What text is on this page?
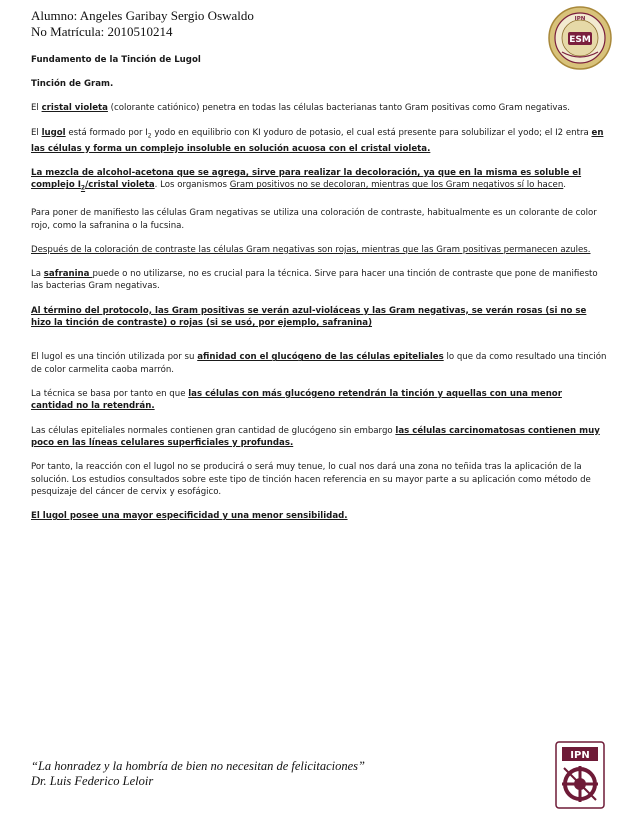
Alumno: Angeles Garibay Sergio Oswaldo
No Matrícula: 2010510214
ESM
IPN

Fundamento de la Tinción de Lugol

Tinción de Gram.

El cristal violeta (colorante catiónico) penetra en todas las células bacterianas tanto Gram positivas como Gram negativas.

El lugol está formado por $I_2$ yodo en equilibrio con KI yoduro de potasio, el cual está presente para solubilizar el yodo; el I2 entra en las células y forma un complejo insoluble en solución acuosa con el cristal violeta.

La mezcla de alcohol-acetona que se agrega, sirve para realizar la decoloración, ya que en la misma es soluble el complejo $I_2$/cristal violeta. Los organismos Gram positivos no se decoloran, mientras que los Gram negativos sí lo hacen.

Para poner de manifiesto las células Gram negativas se utiliza una coloración de contraste, habitualmente es un colorante de color rojo, como la safranina o la fucsina.

Después de la coloración de contraste las células Gram negativas son rojas, mientras que las Gram positivas permanecen azules.

La safranina puede o no utilizarse, no es crucial para la técnica. Sirve para hacer una tinción de contraste que pone de manifiesto las bacterias Gram negativas.

Al término del protocolo, las Gram positivas se verán azul-violáceas y las Gram negativas, se verán rosas (si no se hizo la tinción de contraste) o rojas (si se usó, por ejemplo, safranina)

El lugol es una tinción utilizada por su afinidad con el glucógeno de las células epiteliales lo que da como resultado una tinción de color carmelita caoba marrón.

La técnica se basa por tanto en que las células con más glucógeno retendrán la tinción y aquellas con una menor cantidad no la retendrán.

Las células epiteliales normales contienen gran cantidad de glucógeno sin embargo las células carcinomatosas contienen muy poco en las líneas celulares superficiales y profundas.

Por tanto, la reacción con el lugol no se producirá o será muy tenue, lo cual nos dará una zona no teñida tras la aplicación de la solución. Los estudios consultados sobre este tipo de tinción hacen referencia en su mayor parte a su aplicación como método de pesquizaje del cáncer de cervix y esofágico.

El lugol posee una mayor especificidad y una menor sensibilidad.

“La honradez y la hombría de bien no necesitan de felicitaciones”
Dr. Luis Federico Leloir
IPN
